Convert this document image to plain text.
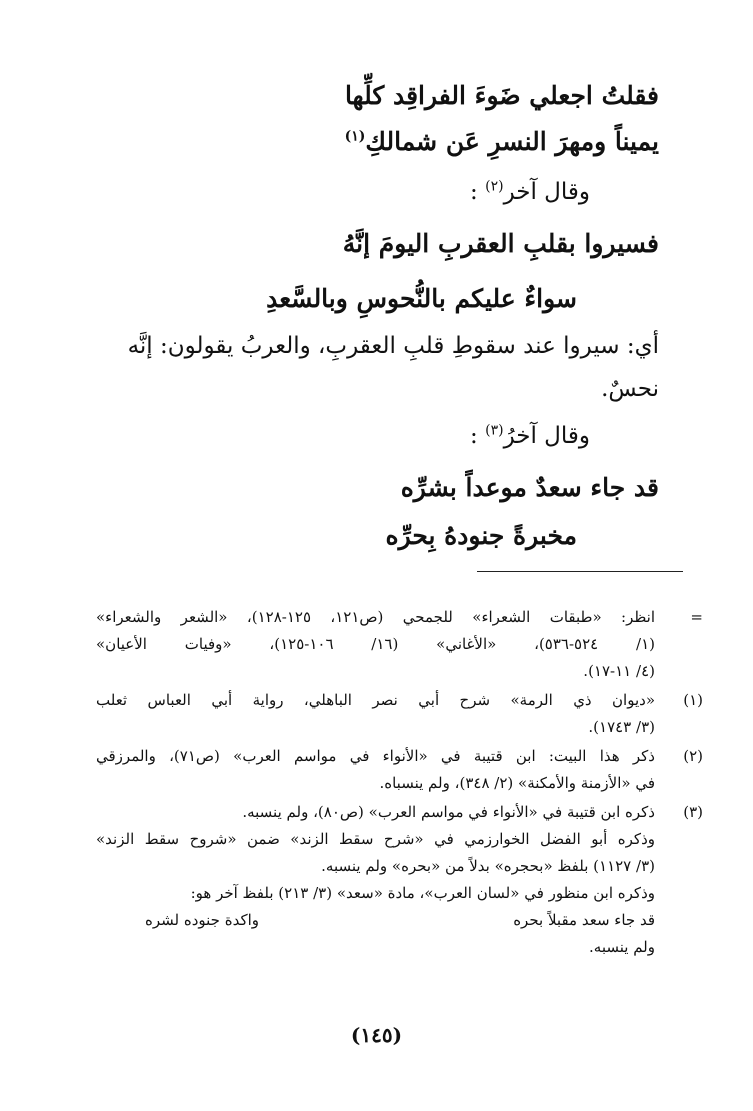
فقلتُ اجعلي ضَوءَ الفراقِد كلِّها
يميناً ومهرَ النسرِ عَن شمالكِ$^{(١)}$
وقال آخر$^{(٢)}$ :
فسيروا بقلبِ العقربِ اليومَ إنَّهُ
سواءٌ عليكم بالنُّحوسِ وبالسَّعدِ
أي: سيروا عند سقوطِ قلبِ العقربِ، والعربُ يقولون: إنَّه
نحسٌ.
وقال آخرُ$^{(٣)}$ :
قد جاء سعدٌ موعداً بشرِّه
مخبرةً جنودهُ بِحرِّه
=
انظر: «طبقات الشعراء» للجمحي (ص١٢١، ١٢٥-١٢٨)، «الشعر والشعراء»
(١/ ٥٢٤-٥٣٦)، «الأغاني» (١٦/ ١٠٦-١٢٥)، «وفيات الأعيان»
(٤/ ١١-١٧).
(١)
«ديوان ذي الرمة» شرح أبي نصر الباهلي، رواية أبي العباس ثعلب
(٣/ ١٧٤٣).
(٢)
ذكر هذا البيت: ابن قتيبة في «الأنواء في مواسم العرب» (ص٧١)، والمرزقي
في «الأزمنة والأمكنة» (٢/ ٣٤٨)، ولم ينسباه.
(٣)
ذكره ابن قتيبة في «الأنواء في مواسم العرب» (ص٨٠)، ولم ينسبه.
وذكره أبو الفضل الخوارزمي في «شرح سقط الزند» ضمن «شروح سقط الزند»
(٣/ ١١٢٧) بلفظ «بحجره» بدلاً من «بحره» ولم ينسبه.
وذكره ابن منظور في «لسان العرب»، مادة «سعد» (٣/ ٢١٣) بلفظ آخر هو:
قد جاء سعد مقبلاً بحره
واكدة جنوده لشره
ولم ينسبه.
(١٤٥)
